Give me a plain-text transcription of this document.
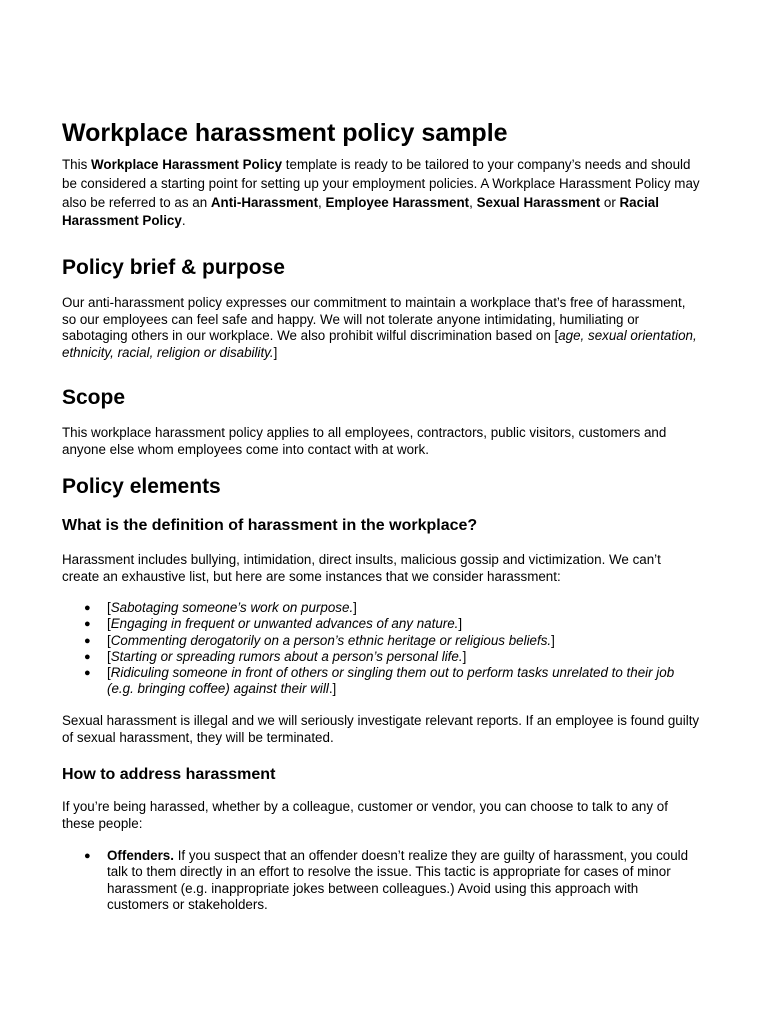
Workplace harassment policy sample

This Workplace Harassment Policy template is ready to be tailored to your company’s needs and should be considered a starting point for setting up your employment policies. A Workplace Harassment Policy may also be referred to as an Anti-Harassment, Employee Harassment, Sexual Harassment or Racial Harassment Policy.

Policy brief & purpose

Our anti-harassment policy expresses our commitment to maintain a workplace that’s free of harassment, so our employees can feel safe and happy. We will not tolerate anyone intimidating, humiliating or sabotaging others in our workplace. We also prohibit wilful discrimination based on [age, sexual orientation, ethnicity, racial, religion or disability.]

Scope

This workplace harassment policy applies to all employees, contractors, public visitors, customers and anyone else whom employees come into contact with at work.

Policy elements
What is the definition of harassment in the workplace?

Harassment includes bullying, intimidation, direct insults, malicious gossip and victimization. We can’t create an exhaustive list, but here are some instances that we consider harassment:

● [Sabotaging someone’s work on purpose.]
● [Engaging in frequent or unwanted advances of any nature.]
● [Commenting derogatorily on a person’s ethnic heritage or religious beliefs.]
● [Starting or spreading rumors about a person’s personal life.]
● [Ridiculing someone in front of others or singling them out to perform tasks unrelated to their job (e.g. bringing coffee) against their will.]

Sexual harassment is illegal and we will seriously investigate relevant reports. If an employee is found guilty of sexual harassment, they will be terminated.

How to address harassment

If you’re being harassed, whether by a colleague, customer or vendor, you can choose to talk to any of these people:

● Offenders. If you suspect that an offender doesn’t realize they are guilty of harassment, you could talk to them directly in an effort to resolve the issue. This tactic is appropriate for cases of minor harassment (e.g. inappropriate jokes between colleagues.) Avoid using this approach with customers or stakeholders.
